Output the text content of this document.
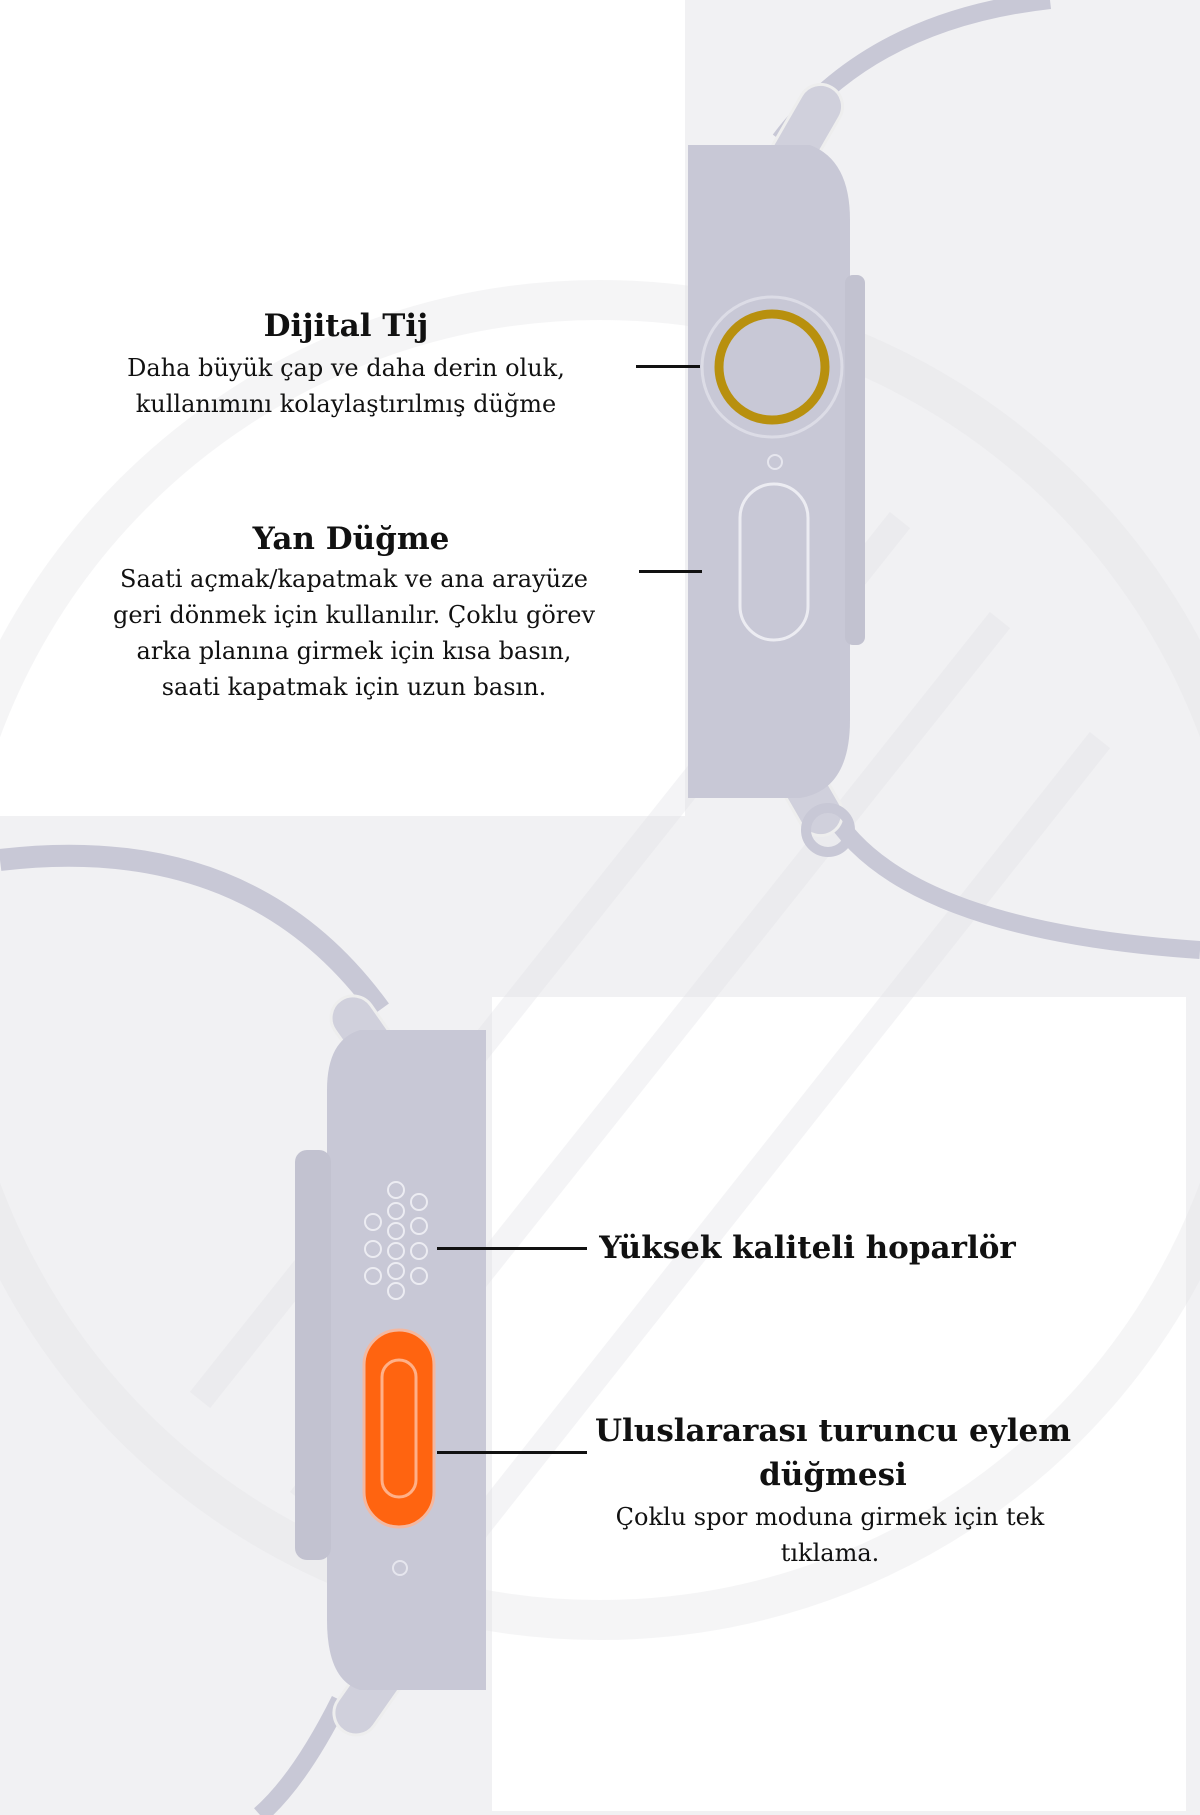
Dijital Tij
Daha büyük çap ve daha derin oluk, kullanımını kolaylaştırılmış düğme
Yan Düğme
Saati açmak/kapatmak ve ana arayüze geri dönmek için kullanılır. Çoklu görev arka planına girmek için kısa basın, saati kapatmak için uzun basın.
Yüksek kaliteli hoparlör
Uluslararası turuncu eylem düğmesi
Çoklu spor moduna girmek için tek tıklama.
